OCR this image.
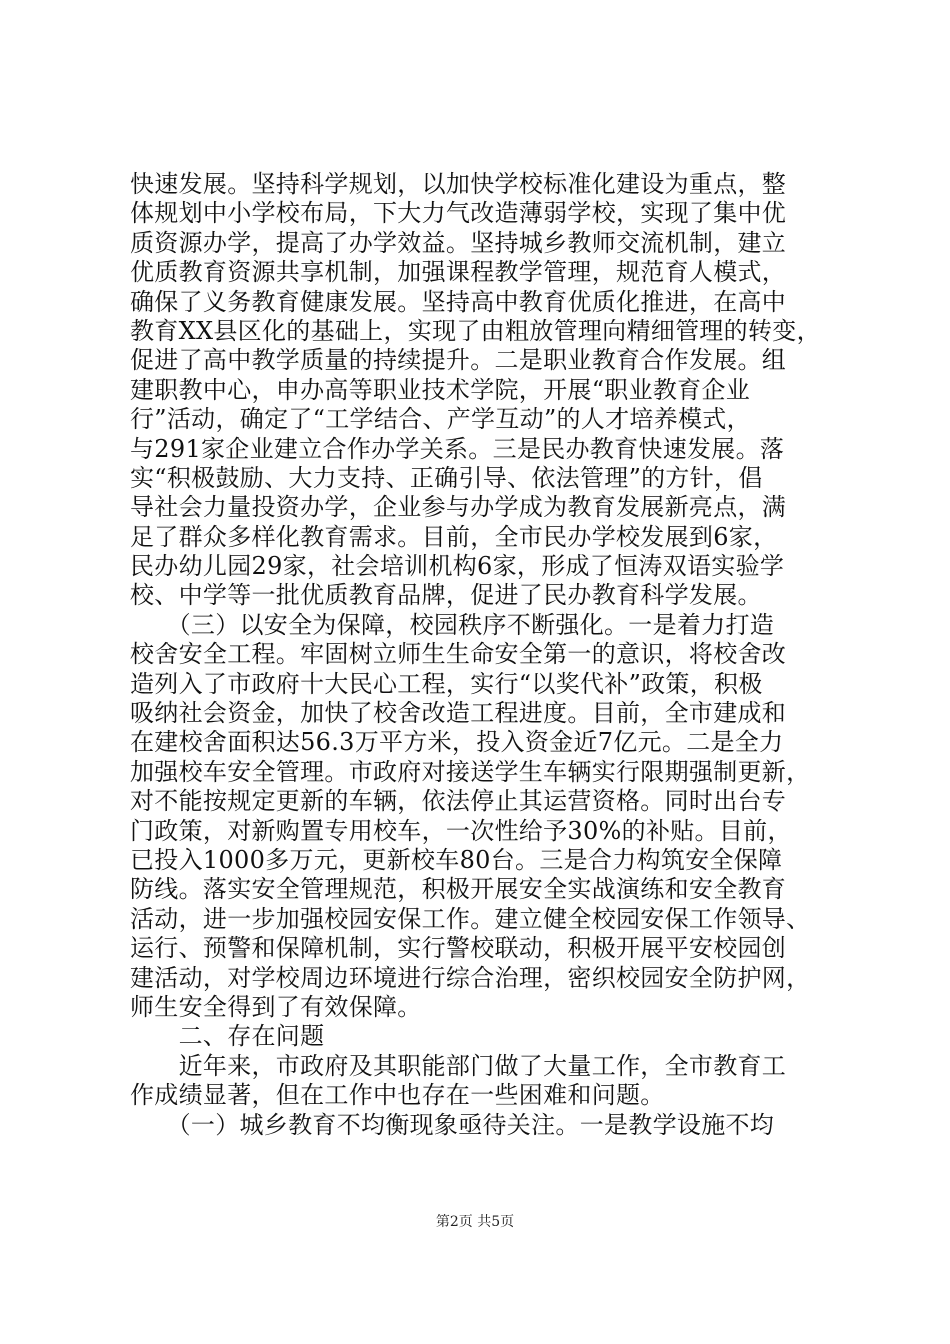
快速发展。坚持科学规划，以加快学校标准化建设为重点，整
体规划中小学校布局，下大力气改造薄弱学校，实现了集中优
质资源办学，提高了办学效益。坚持城乡教师交流机制，建立
优质教育资源共享机制，加强课程教学管理，规范育人模式，
确保了义务教育健康发展。坚持高中教育优质化推进，在高中
教育XX县区化的基础上，实现了由粗放管理向精细管理的转变，
促进了高中教学质量的持续提升。二是职业教育合作发展。组
建职教中心，申办高等职业技术学院，开展“职业教育企业
行”活动，确定了“工学结合、产学互动”的人才培养模式，
与291家企业建立合作办学关系。三是民办教育快速发展。落
实“积极鼓励、大力支持、正确引导、依法管理”的方针，倡
导社会力量投资办学，企业参与办学成为教育发展新亮点，满
足了群众多样化教育需求。目前，全市民办学校发展到6家，
民办幼儿园29家，社会培训机构6家，形成了恒涛双语实验学
校、中学等一批优质教育品牌，促进了民办教育科学发展。
　　（三）以安全为保障，校园秩序不断强化。一是着力打造
校舍安全工程。牢固树立师生生命安全第一的意识，将校舍改
造列入了市政府十大民心工程，实行“以奖代补”政策，积极
吸纳社会资金，加快了校舍改造工程进度。目前，全市建成和
在建校舍面积达56.3万平方米，投入资金近7亿元。二是全力
加强校车安全管理。市政府对接送学生车辆实行限期强制更新，
对不能按规定更新的车辆，依法停止其运营资格。同时出台专
门政策，对新购置专用校车，一次性给予30%的补贴。目前，
已投入1000多万元，更新校车80台。三是合力构筑安全保障
防线。落实安全管理规范，积极开展安全实战演练和安全教育
活动，进一步加强校园安保工作。建立健全校园安保工作领导、
运行、预警和保障机制，实行警校联动，积极开展平安校园创
建活动，对学校周边环境进行综合治理，密织校园安全防护网，
师生安全得到了有效保障。
　　二、存在问题
　　近年来，市政府及其职能部门做了大量工作，全市教育工
作成绩显著，但在工作中也存在一些困难和问题。
　　（一）城乡教育不均衡现象亟待关注。一是教学设施不均
第2页 共5页
